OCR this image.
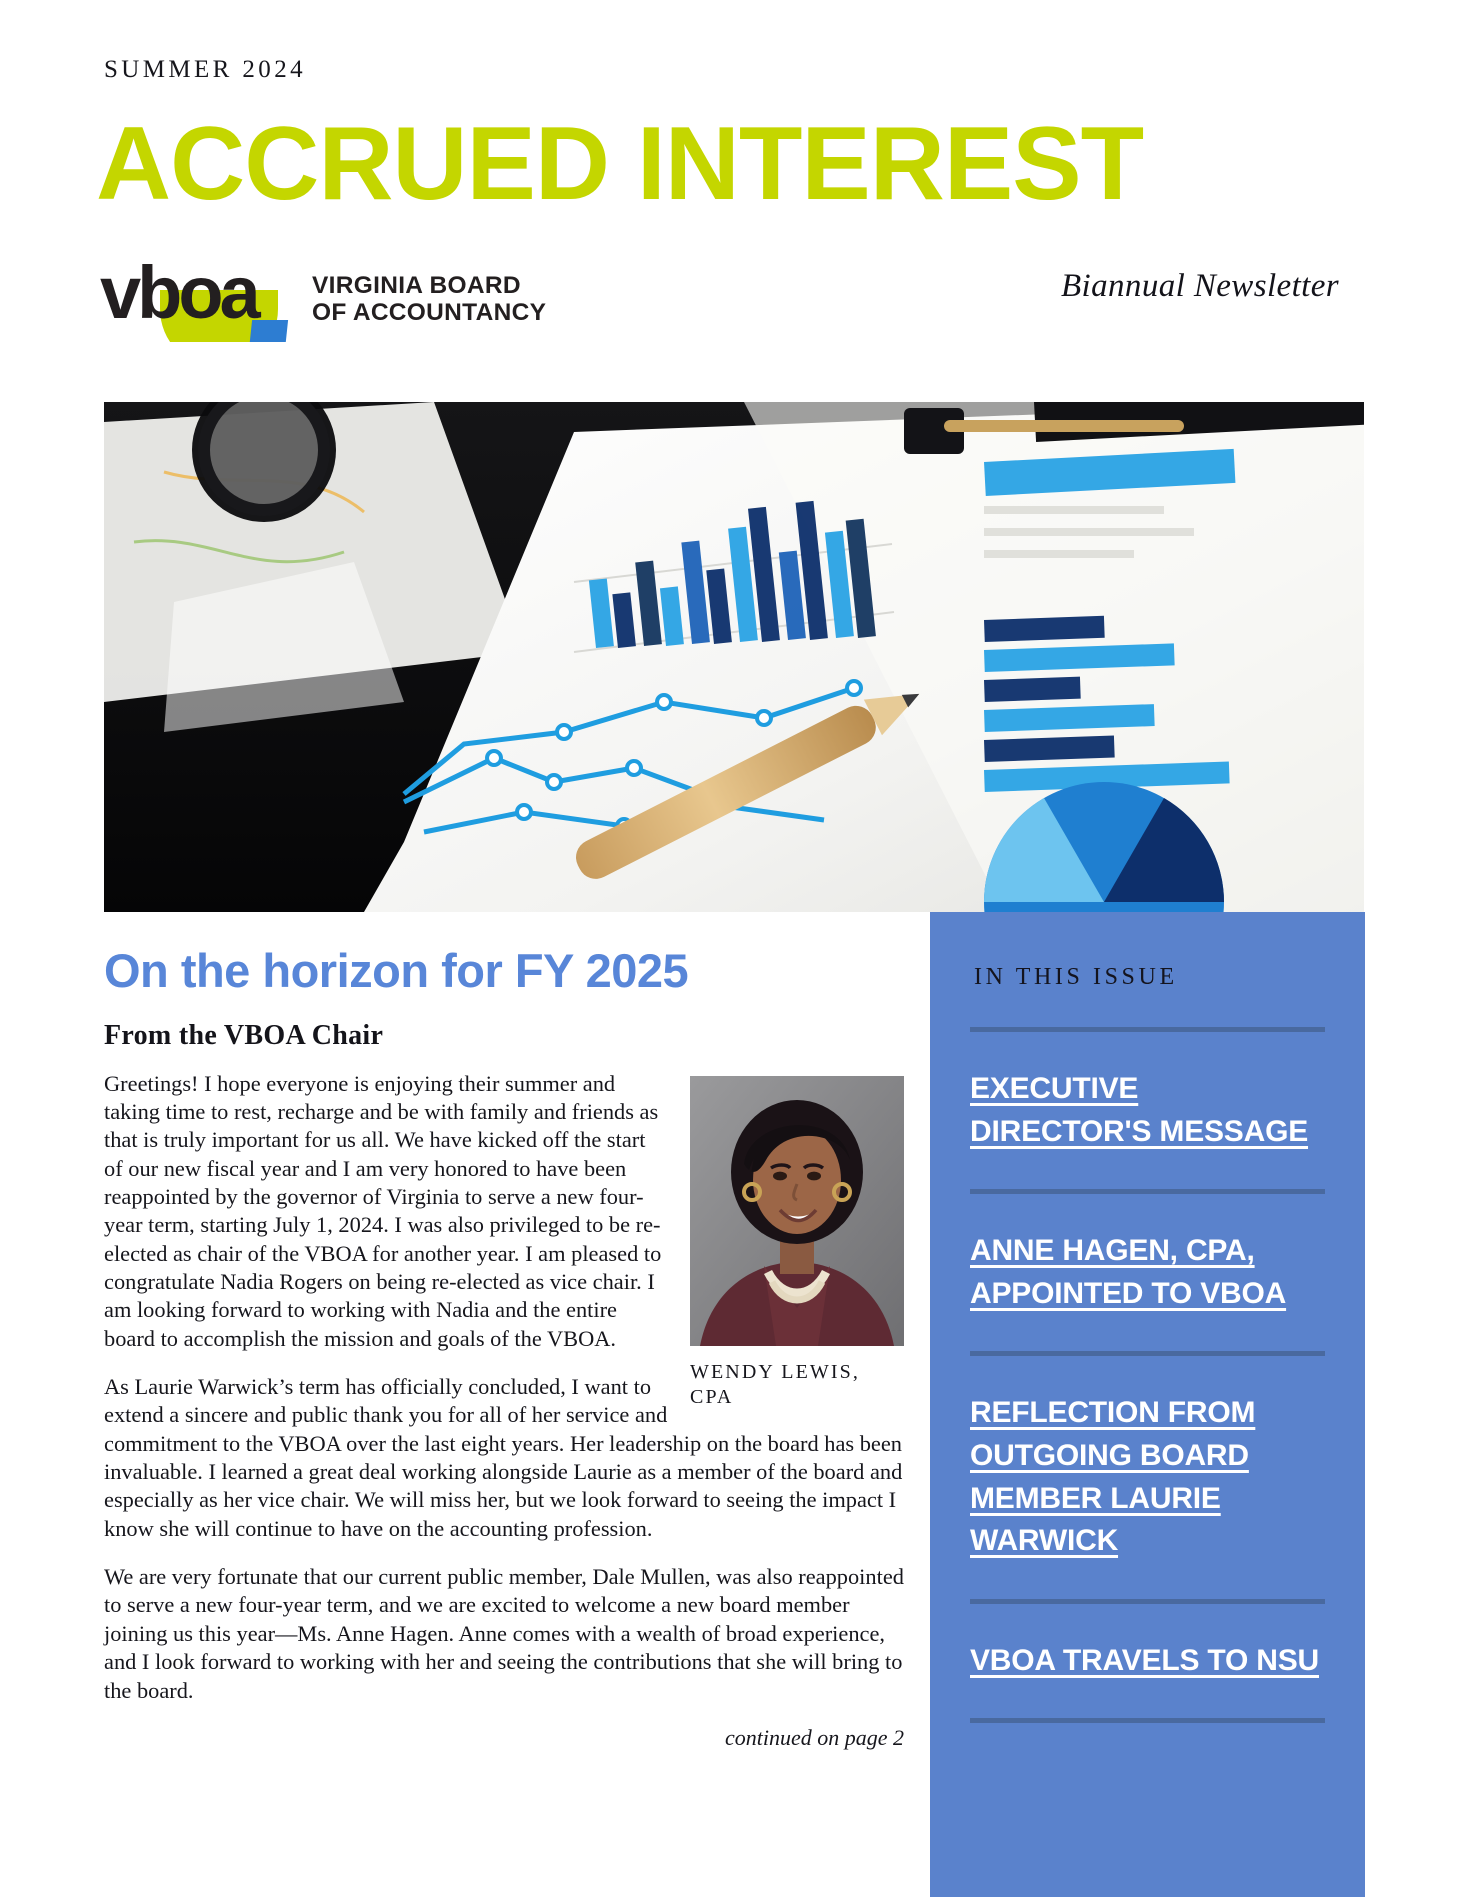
SUMMER 2024
ACCRUED INTEREST
vboa VIRGINIA BOARD
OF ACCOUNTANCY
Biannual Newsletter
On the horizon for FY 2025
From the VBOA Chair
WENDY LEWIS, CPA

Greetings! I hope everyone is enjoying their summer and taking time to rest, recharge and be with family and friends as that is truly important for us all. We have kicked off the start of our new fiscal year and I am very honored to have been reappointed by the governor of Virginia to serve a new four-year term, starting July 1, 2024. I was also privileged to be re-elected as chair of the VBOA for another year. I am pleased to congratulate Nadia Rogers on being re-elected as vice chair. I am looking forward to working with Nadia and the entire board to accomplish the mission and goals of the VBOA.

As Laurie Warwick’s term has officially concluded, I want to extend a sincere and public thank you for all of her service and commitment to the VBOA over the last eight years. Her leadership on the board has been invaluable. I learned a great deal working alongside Laurie as a member of the board and especially as her vice chair. We will miss her, but we look forward to seeing the impact I know she will continue to have on the accounting profession.

We are very fortunate that our current public member, Dale Mullen, was also reappointed to serve a new four-year term, and we are excited to welcome a new board member joining us this year—Ms. Anne Hagen. Anne comes with a wealth of broad experience, and I look forward to working with her and seeing the contributions that she will bring to the board.

continued on page 2
IN THIS ISSUE
EXECUTIVE DIRECTOR'S MESSAGE
ANNE HAGEN, CPA, APPOINTED TO VBOA
REFLECTION FROM OUTGOING BOARD MEMBER LAURIE WARWICK
VBOA TRAVELS TO NSU
